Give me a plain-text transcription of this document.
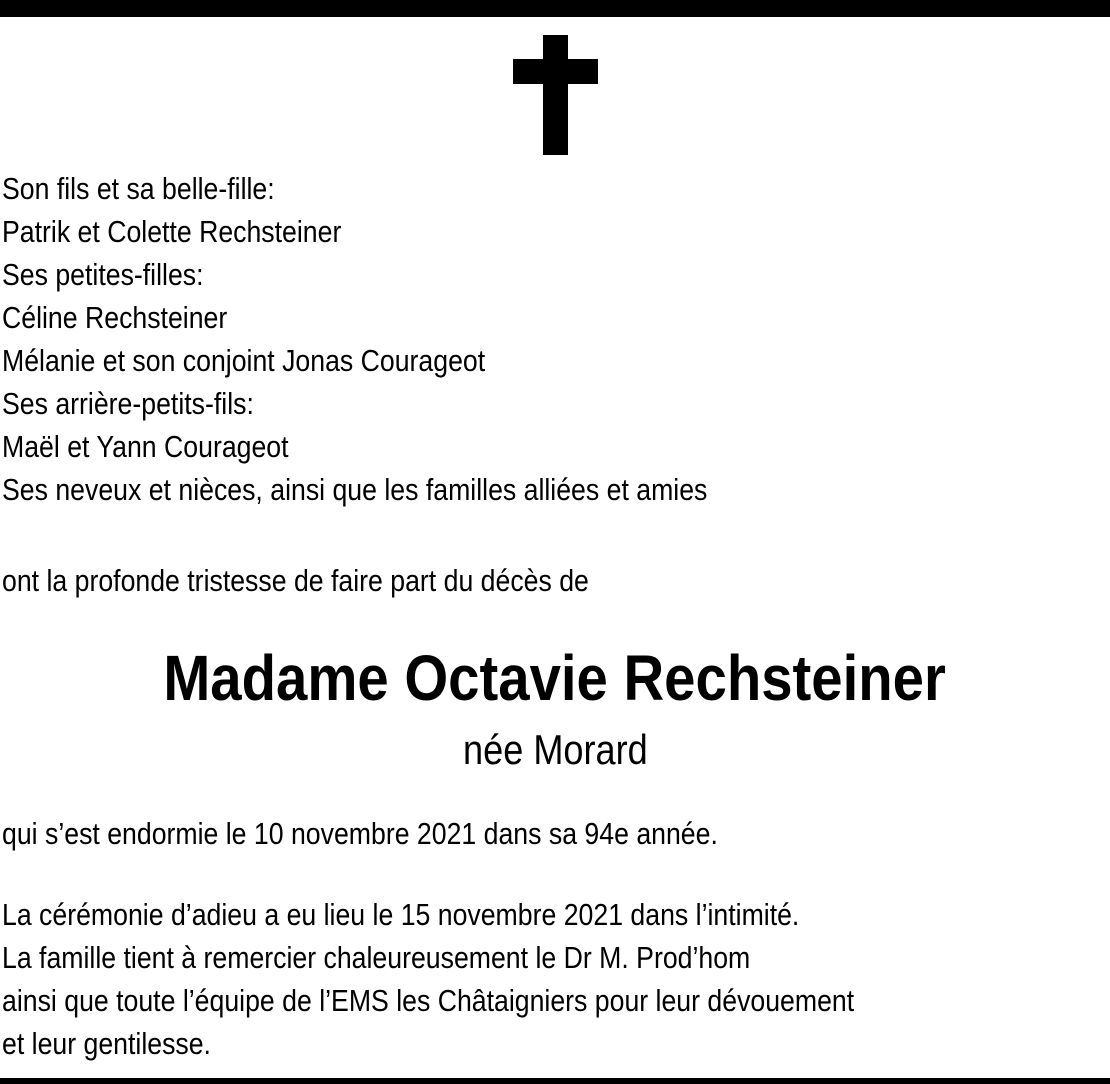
Son fils et sa belle-fille:
Patrik et Colette Rechsteiner
Ses petites-filles:
Céline Rechsteiner
Mélanie et son conjoint Jonas Courageot
Ses arrière-petits-fils:
Maël et Yann Courageot
Ses neveux et nièces, ainsi que les familles alliées et amies
ont la profonde tristesse de faire part du décès de
Madame Octavie Rechsteiner
née Morard
qui s’est endormie le 10 novembre 2021 dans sa 94e année.
La cérémonie d’adieu a eu lieu le 15 novembre 2021 dans l’intimité.
La famille tient à remercier chaleureusement le Dr M. Prod’hom
ainsi que toute l’équipe de l’EMS les Châtaigniers pour leur dévouement
et leur gentilesse.
